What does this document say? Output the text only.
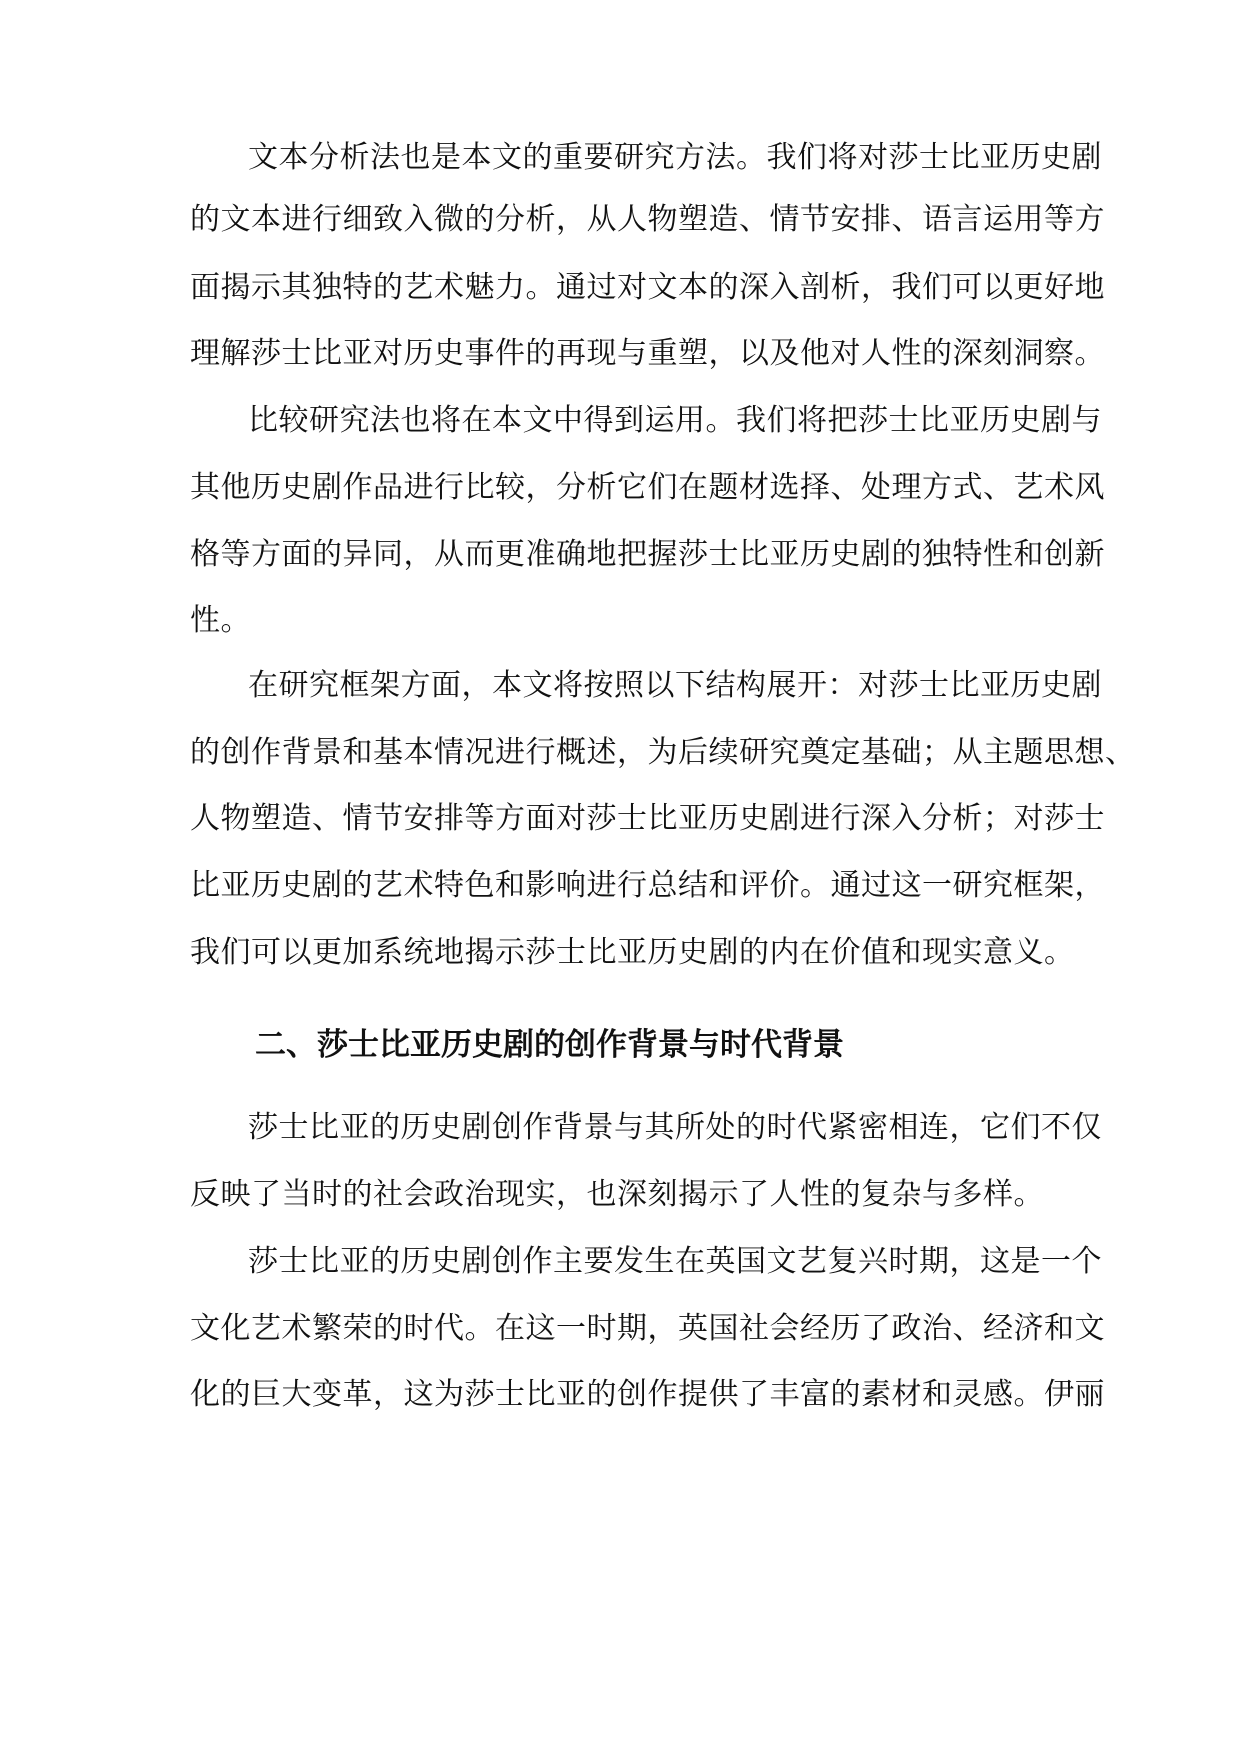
文本分析法也是本文的重要研究方法。我们将对莎士比亚历史剧
的文本进行细致入微的分析，从人物塑造、情节安排、语言运用等方
面揭示其独特的艺术魅力。通过对文本的深入剖析，我们可以更好地
理解莎士比亚对历史事件的再现与重塑，以及他对人性的深刻洞察。
比较研究法也将在本文中得到运用。我们将把莎士比亚历史剧与
其他历史剧作品进行比较，分析它们在题材选择、处理方式、艺术风
格等方面的异同，从而更准确地把握莎士比亚历史剧的独特性和创新
性。
在研究框架方面，本文将按照以下结构展开：对莎士比亚历史剧
的创作背景和基本情况进行概述，为后续研究奠定基础；从主题思想、
人物塑造、情节安排等方面对莎士比亚历史剧进行深入分析；对莎士
比亚历史剧的艺术特色和影响进行总结和评价。通过这一研究框架，
我们可以更加系统地揭示莎士比亚历史剧的内在价值和现实意义。
二、莎士比亚历史剧的创作背景与时代背景
莎士比亚的历史剧创作背景与其所处的时代紧密相连，它们不仅
反映了当时的社会政治现实，也深刻揭示了人性的复杂与多样。
莎士比亚的历史剧创作主要发生在英国文艺复兴时期，这是一个
文化艺术繁荣的时代。在这一时期，英国社会经历了政治、经济和文
化的巨大变革，这为莎士比亚的创作提供了丰富的素材和灵感。伊丽
